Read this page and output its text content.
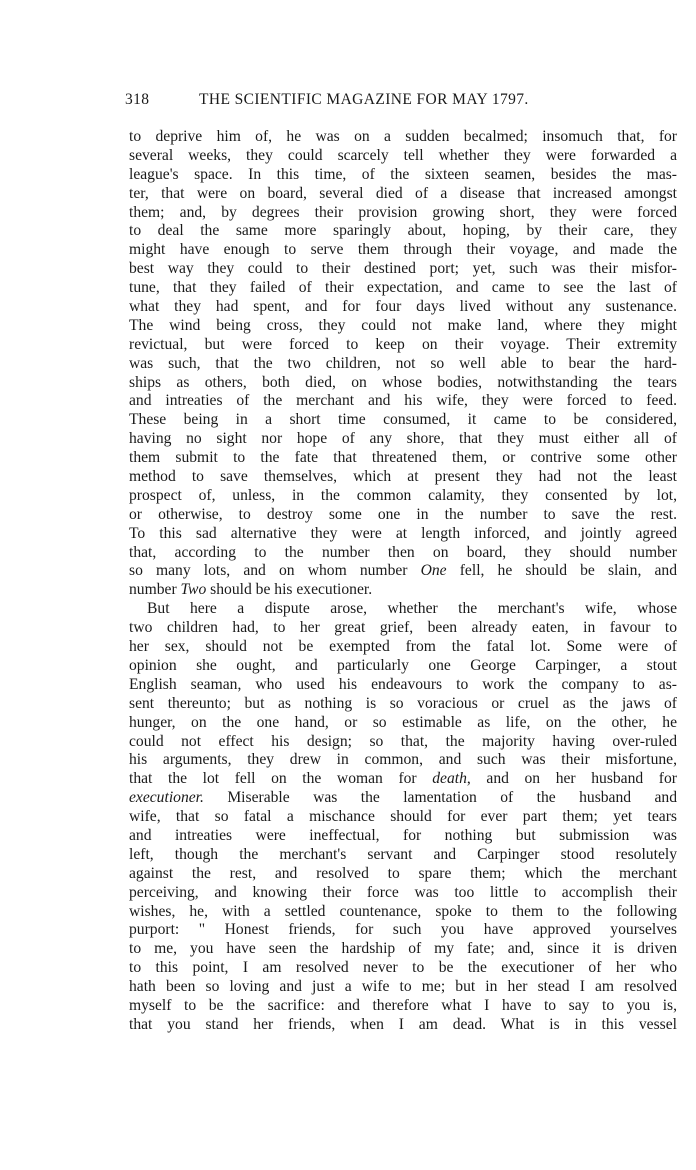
318	THE SCIENTIFIC MAGAZINE FOR MAY 1797.
to deprive him of, he was on a sudden becalmed; insomuch that, for
several weeks, they could scarcely tell whether they were forwarded a
league's space. In this time, of the sixteen seamen, besides the mas-
ter, that were on board, several died of a disease that increased amongst
them; and, by degrees their provision growing short, they were forced
to deal the same more sparingly about, hoping, by their care, they
might have enough to serve them through their voyage, and made the
best way they could to their destined port; yet, such was their misfor-
tune, that they failed of their expectation, and came to see the last of
what they had spent, and for four days lived without any sustenance.
The wind being cross, they could not make land, where they might
revictual, but were forced to keep on their voyage. Their extremity
was such, that the two children, not so well able to bear the hard-
ships as others, both died, on whose bodies, notwithstanding the tears
and intreaties of the merchant and his wife, they were forced to feed.
These being in a short time consumed, it came to be considered,
having no sight nor hope of any shore, that they must either all of
them submit to the fate that threatened them, or contrive some other
method to save themselves, which at present they had not the least
prospect of, unless, in the common calamity, they consented by lot,
or otherwise, to destroy some one in the number to save the rest.
To this sad alternative they were at length inforced, and jointly agreed
that, according to the number then on board, they should number
so many lots, and on whom number One fell, he should be slain, and
number Two should be his executioner.
But here a dispute arose, whether the merchant's wife, whose
two children had, to her great grief, been already eaten, in favour to
her sex, should not be exempted from the fatal lot. Some were of
opinion she ought, and particularly one George Carpinger, a stout
English seaman, who used his endeavours to work the company to as-
sent thereunto; but as nothing is so voracious or cruel as the jaws of
hunger, on the one hand, or so estimable as life, on the other, he
could not effect his design; so that, the majority having over-ruled
his arguments, they drew in common, and such was their misfortune,
that the lot fell on the woman for death, and on her husband for
executioner. Miserable was the lamentation of the husband and
wife, that so fatal a mischance should for ever part them; yet tears
and intreaties were ineffectual, for nothing but submission was
left, though the merchant's servant and Carpinger stood resolutely
against the rest, and resolved to spare them; which the merchant
perceiving, and knowing their force was too little to accomplish their
wishes, he, with a settled countenance, spoke to them to the following
purport: " Honest friends, for such you have approved yourselves
to me, you have seen the hardship of my fate; and, since it is driven
to this point, I am resolved never to be the executioner of her who
hath been so loving and just a wife to me; but in her stead I am resolved
myself to be the sacrifice: and therefore what I have to say to you is,
that you stand her friends, when I am dead. What is in this vessel
